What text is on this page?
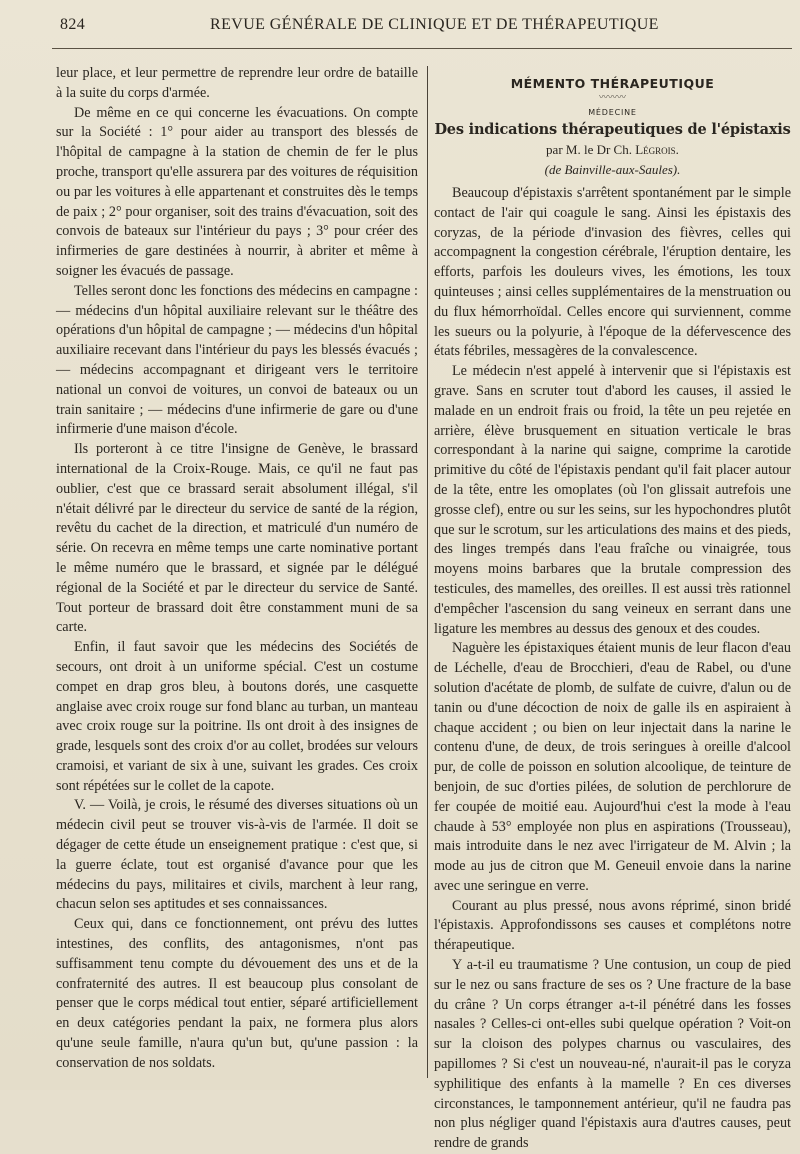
824	REVUE GÉNÉRALE DE CLINIQUE ET DE THÉRAPEUTIQUE

leur place, et leur permettre de reprendre leur ordre de bataille à la suite du corps d'armée.

De même en ce qui concerne les évacuations. On compte sur la Société : 1° pour aider au transport des blessés de l'hôpital de campagne à la station de chemin de fer le plus proche, transport qu'elle assurera par des voitures de réquisition ou par les voitures à elle appartenant et construites dès le temps de paix ; 2° pour organiser, soit des trains d'évacuation, soit des convois de bateaux sur l'intérieur du pays ; 3° pour créer des infirmeries de gare destinées à nourrir, à abriter et même à soigner les évacués de passage.

Telles seront donc les fonctions des médecins en campagne : — médecins d'un hôpital auxiliaire relevant sur le théâtre des opérations d'un hôpital de campagne ; — médecins d'un hôpital auxiliaire recevant dans l'intérieur du pays les blessés évacués ; — médecins accompagnant et dirigeant vers le territoire national un convoi de voitures, un convoi de bateaux ou un train sanitaire ; — médecins d'une infirmerie de gare ou d'une infirmerie d'une maison d'école.

Ils porteront à ce titre l'insigne de Genève, le brassard international de la Croix-Rouge. Mais, ce qu'il ne faut pas oublier, c'est que ce brassard serait absolument illégal, s'il n'était délivré par le directeur du service de santé de la région, revêtu du cachet de la direction, et matriculé d'un numéro de série. On recevra en même temps une carte nominative portant le même numéro que le brassard, et signée par le délégué régional de la Société et par le directeur du service de Santé. Tout porteur de brassard doit être constamment muni de sa carte.

Enfin, il faut savoir que les médecins des Sociétés de secours, ont droit à un uniforme spécial. C'est un costume compet en drap gros bleu, à boutons dorés, une casquette anglaise avec croix rouge sur fond blanc au turban, un manteau avec croix rouge sur la poitrine. Ils ont droit à des insignes de grade, lesquels sont des croix d'or au collet, brodées sur velours cramoisi, et variant de six à une, suivant les grades. Ces croix sont répétées sur le collet de la capote.

V. — Voilà, je crois, le résumé des diverses situations où un médecin civil peut se trouver vis-à-vis de l'armée. Il doit se dégager de cette étude un enseignement pratique : c'est que, si la guerre éclate, tout est organisé d'avance pour que les médecins du pays, militaires et civils, marchent à leur rang, chacun selon ses aptitudes et ses connaissances.

Ceux qui, dans ce fonctionnement, ont prévu des luttes intestines, des conflits, des antagonismes, n'ont pas suffisamment tenu compte du dévouement des uns et de la confraternité des autres. Il est beaucoup plus consolant de penser que le corps médical tout entier, séparé artificiellement en deux catégories pendant la paix, ne formera plus alors qu'une seule famille, n'aura qu'un but, qu'une passion : la conservation de nos soldats.

MÉMENTO THÉRAPEUTIQUE
〰〰〰
MÉDECINE
Des indications thérapeutiques de l'épistaxis
par M. le Dr Ch. Légrois.
(de Bainville-aux-Saules).

Beaucoup d'épistaxis s'arrêtent spontanément par le simple contact de l'air qui coagule le sang. Ainsi les épistaxis des coryzas, de la période d'invasion des fièvres, celles qui accompagnent la congestion cérébrale, l'éruption dentaire, les efforts, parfois les douleurs vives, les émotions, les toux quinteuses ; ainsi celles supplémentaires de la menstruation ou du flux hémorrhoïdal. Celles encore qui surviennent, comme les sueurs ou la polyurie, à l'époque de la défervescence des états fébriles, messagères de la convalescence.

Le médecin n'est appelé à intervenir que si l'épistaxis est grave. Sans en scruter tout d'abord les causes, il assied le malade en un endroit frais ou froid, la tête un peu rejetée en arrière, élève brusquement en situation verticale le bras correspondant à la narine qui saigne, comprime la carotide primitive du côté de l'épistaxis pendant qu'il fait placer autour de la tête, entre les omoplates (où l'on glissait autrefois une grosse clef), entre ou sur les seins, sur les hypochondres plutôt que sur le scrotum, sur les articulations des mains et des pieds, des linges trempés dans l'eau fraîche ou vinaigrée, tous moyens moins barbares que la brutale compression des testicules, des mamelles, des oreilles. Il est aussi très rationnel d'empêcher l'ascension du sang veineux en serrant dans une ligature les membres au dessus des genoux et des coudes.

Naguère les épistaxiques étaient munis de leur flacon d'eau de Léchelle, d'eau de Brocchieri, d'eau de Rabel, ou d'une solution d'acétate de plomb, de sulfate de cuivre, d'alun ou de tanin ou d'une décoction de noix de galle ils en aspiraient à chaque accident ; ou bien on leur injectait dans la narine le contenu d'une, de deux, de trois seringues à oreille d'alcool pur, de colle de poisson en solution alcoolique, de teinture de benjoin, de suc d'orties pilées, de solution de perchlorure de fer coupée de moitié eau. Aujourd'hui c'est la mode à l'eau chaude à 53° employée non plus en aspirations (Trousseau), mais introduite dans le nez avec l'irrigateur de M. Alvin ; la mode au jus de citron que M. Geneuil envoie dans la narine avec une seringue en verre.

Courant au plus pressé, nous avons réprimé, sinon bridé l'épistaxis. Approfondissons ses causes et complétons notre thérapeutique.

Y a-t-il eu traumatisme ? Une contusion, un coup de pied sur le nez ou sans fracture de ses os ? Une fracture de la base du crâne ? Un corps étranger a-t-il pénétré dans les fosses nasales ? Celles-ci ont-elles subi quelque opération ? Voit-on sur la cloison des polypes charnus ou vasculaires, des papillomes ? Si c'est un nouveau-né, n'aurait-il pas le coryza syphilitique des enfants à la mamelle ? En ces diverses circonstances, le tamponnement antérieur, qu'il ne faudra pas non plus négliger quand l'épistaxis aura d'autres causes, peut rendre de grands
